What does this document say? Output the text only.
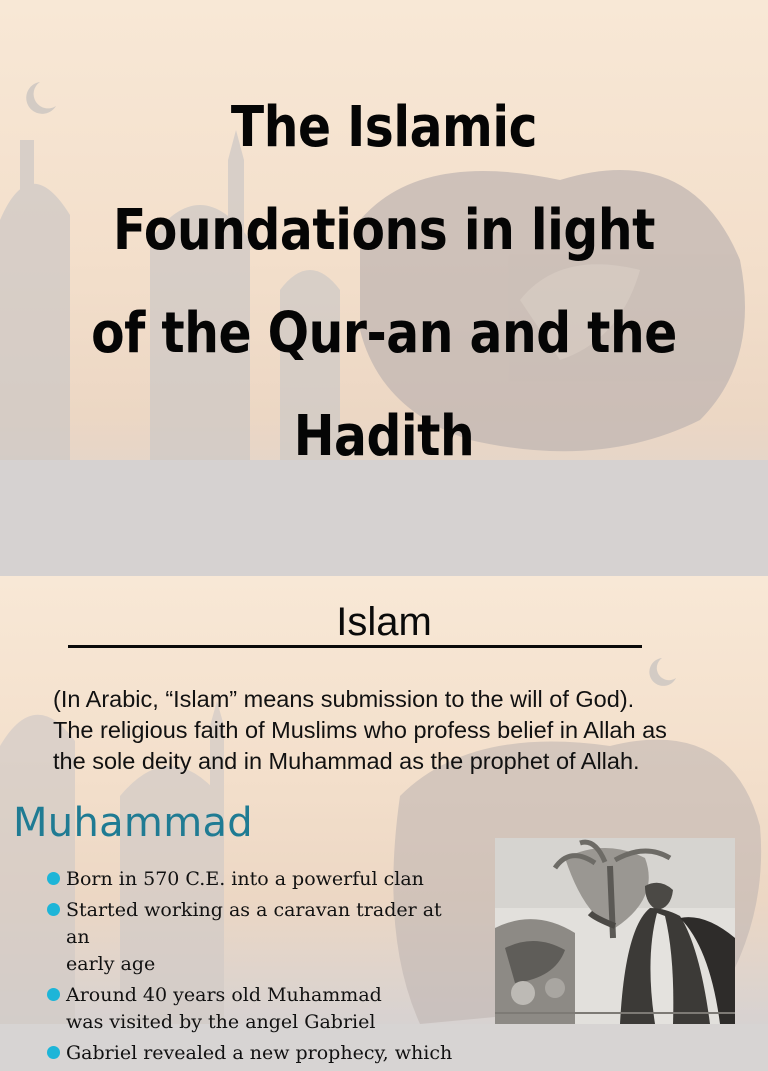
The Islamic
Foundations in light
of the Qur-an and the
Hadith
Islam

(In Arabic, “Islam” means submission to the will of God).
The religious faith of Muslims who profess belief in Allah as
the sole deity and in Muhammad as the prophet of Allah.

Muhammad
Born in 570 C.E. into a powerful clan
Started working as a caravan trader at an
early age
Around 40 years old Muhammad
was visited by the angel Gabriel
Gabriel revealed a new prophecy, which
